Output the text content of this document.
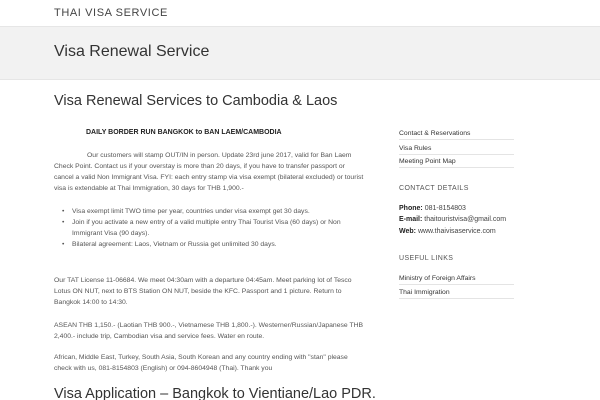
THAI VISA SERVICE
Visa Renewal Service
Visa Renewal Services to Cambodia & Laos
DAILY BORDER RUN BANGKOK to BAN LAEM/CAMBODIA

Our customers will stamp OUT/IN in person. Update 23rd june 2017, valid for Ban Laem Check Point. Contact us if your overstay is more than 20 days, if you have to transfer passport or cancel a valid Non Immigrant Visa. FYI: each entry stamp via visa exempt (bilateral excluded) or tourist visa is extendable at Thai Immigration, 30 days for THB 1,900.-

• Visa exempt limit TWO time per year, countries under visa exempt get 30 days.
• Join if you activate a new entry of a valid multiple entry Thai Tourist Visa (60 days) or Non Immigrant Visa (90 days).
• Bilateral agreement: Laos, Vietnam or Russia get unlimited 30 days.

Our TAT License 11-06684. We meet 04:30am with a departure 04:45am. Meet parking lot of Tesco Lotus ON NUT, next to BTS Station ON NUT, beside the KFC. Passport and 1 picture. Return to Bangkok 14:00 to 14:30.

ASEAN THB 1,150.- (Laotian THB 900.-, Vietnamese THB 1,800.-). Westerner/Russian/Japanese THB 2,400.- include trip, Cambodian visa and service fees. Water en route.

African, Middle East, Turkey, South Asia, South Korean and any country ending with "stan" please check with us, 081-8154803 (English) or 094-8604948 (Thai). Thank you

Visa Application – Bangkok to Vientiane/Lao PDR.
Contact & Reservations
Visa Rules
Meeting Point Map
CONTACT DETAILS
Phone: 081-8154803
E-mail: thaitouristvisa@gmail.com
Web: www.thaivisaservice.com
USEFUL LINKS
Ministry of Foreign Affairs
Thai Immigration
